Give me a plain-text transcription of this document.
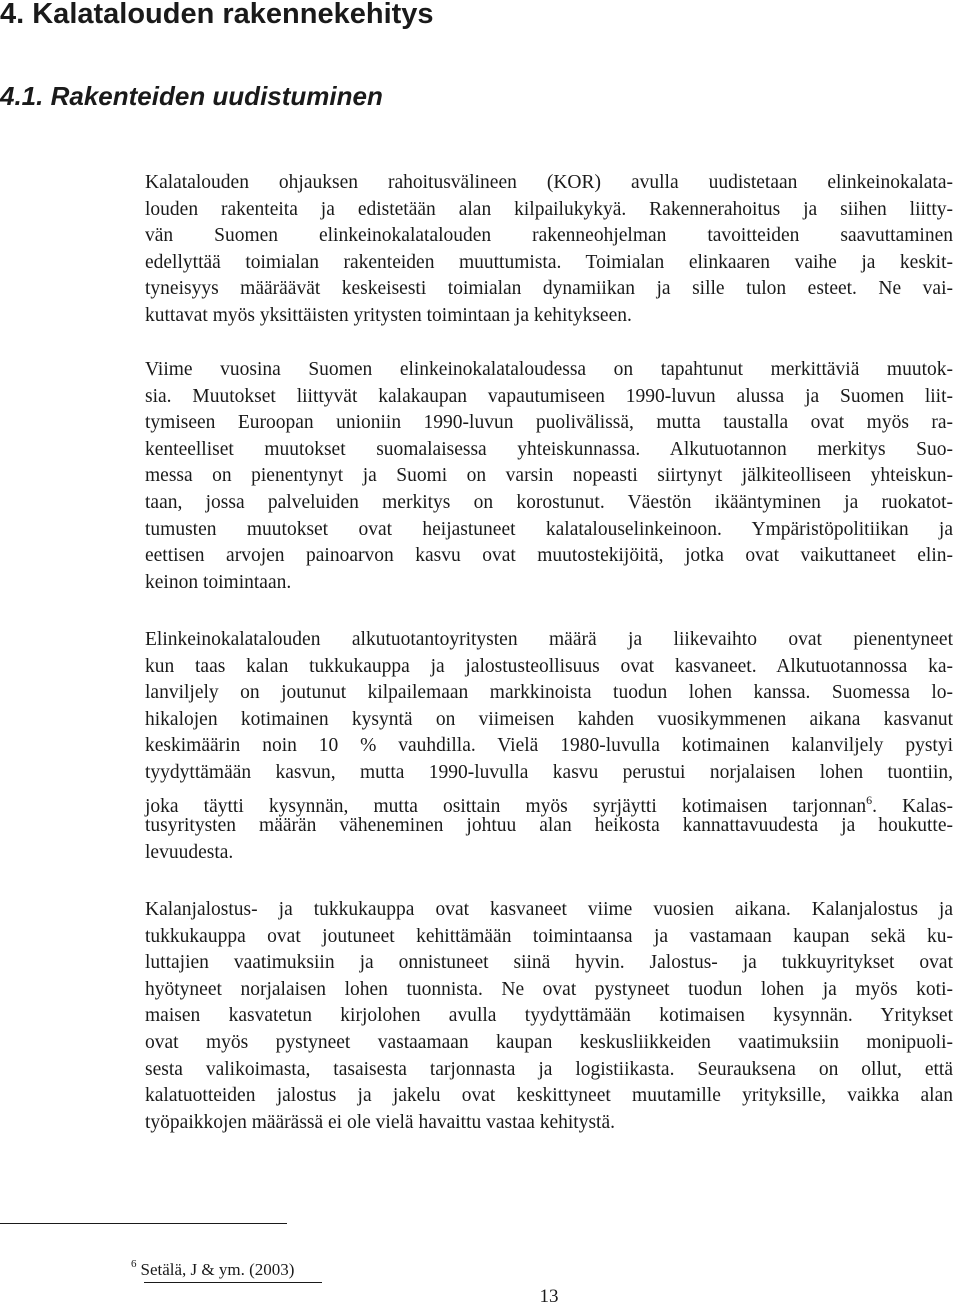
4. Kalatalouden rakennekehitys
4.1. Rakenteiden uudistuminen
Kalatalouden ohjauksen rahoitusvälineen (KOR) avulla uudistetaan elinkeinokalata-
louden rakenteita ja edistetään alan kilpailukykyä. Rakennerahoitus ja siihen liitty-
vän Suomen elinkeinokalatalouden rakenneohjelman tavoitteiden saavuttaminen
edellyttää toimialan rakenteiden muuttumista. Toimialan elinkaaren vaihe ja keskit-
tyneisyys määräävät keskeisesti toimialan dynamiikan ja sille tulon esteet. Ne vai-
kuttavat myös yksittäisten yritysten toimintaan ja kehitykseen.
Viime vuosina Suomen elinkeinokalataloudessa on tapahtunut merkittäviä muutok-
sia. Muutokset liittyvät kalakaupan vapautumiseen 1990-luvun alussa ja Suomen liit-
tymiseen Euroopan unioniin 1990-luvun puolivälissä, mutta taustalla ovat myös ra-
kenteelliset muutokset suomalaisessa yhteiskunnassa. Alkutuotannon merkitys Suo-
messa on pienentynyt ja Suomi on varsin nopeasti siirtynyt jälkiteolliseen yhteiskun-
taan, jossa palveluiden merkitys on korostunut. Väestön ikääntyminen ja ruokatot-
tumusten muutokset ovat heijastuneet kalatalouselinkeinoon. Ympäristöpolitiikan ja
eettisen arvojen painoarvon kasvu ovat muutostekijöitä, jotka ovat vaikuttaneet elin-
keinon toimintaan.
Elinkeinokalatalouden alkutuotantoyritysten määrä ja liikevaihto ovat pienentyneet
kun taas kalan tukkukauppa ja jalostusteollisuus ovat kasvaneet. Alkutuotannossa ka-
lanviljely on joutunut kilpailemaan markkinoista tuodun lohen kanssa. Suomessa lo-
hikalojen kotimainen kysyntä on viimeisen kahden vuosikymmenen aikana kasvanut
keskimäärin noin 10 % vauhdilla. Vielä 1980-luvulla kotimainen kalanviljely pystyi
tyydyttämään kasvun, mutta 1990-luvulla kasvu perustui norjalaisen lohen tuontiin,
joka täytti kysynnän, mutta osittain myös syrjäytti kotimaisen tarjonnan$^6$. Kalas-
tusyritysten määrän väheneminen johtuu alan heikosta kannattavuudesta ja houkutte-
levuudesta.
Kalanjalostus- ja tukkukauppa ovat kasvaneet viime vuosien aikana. Kalanjalostus ja
tukkukauppa ovat joutuneet kehittämään toimintaansa ja vastamaan kaupan sekä ku-
luttajien vaatimuksiin ja onnistuneet siinä hyvin. Jalostus- ja tukkuyritykset ovat
hyötyneet norjalaisen lohen tuonnista. Ne ovat pystyneet tuodun lohen ja myös koti-
maisen kasvatetun kirjolohen avulla tyydyttämään kotimaisen kysynnän. Yritykset
ovat myös pystyneet vastaamaan kaupan keskusliikkeiden vaatimuksiin monipuoli-
sesta valikoimasta, tasaisesta tarjonnasta ja logistiikasta. Seurauksena on ollut, että
kalatuotteiden jalostus ja jakelu ovat keskittyneet muutamille yrityksille, vaikka alan
työpaikkojen määrässä ei ole vielä havaittu vastaa kehitystä.
$^6$ Setälä, J & ym. (2003)
13
